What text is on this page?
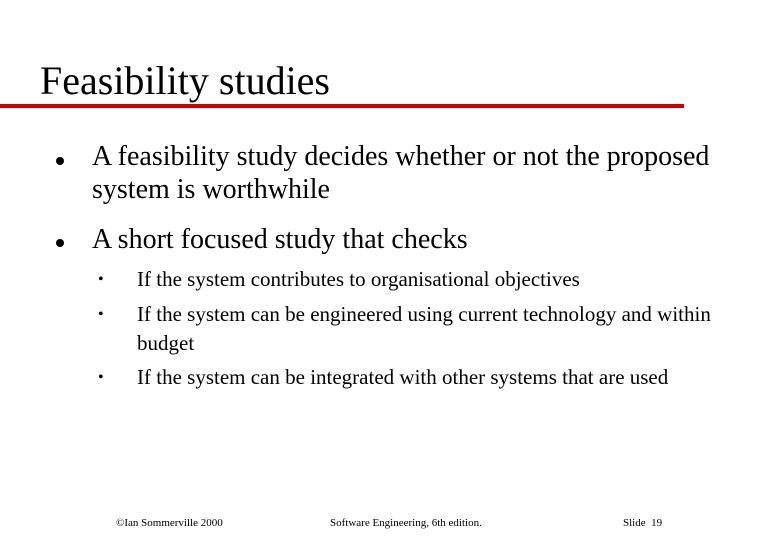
Feasibility studies
A feasibility study decides whether or not the proposed system is worthwhile
A short focused study that checks
• If the system contributes to organisational objectives
• If the system can be engineered using current technology and within budget
• If the system can be integrated with other systems that are used
©Ian Sommerville 2000	Software Engineering, 6th edition.	Slide  19
